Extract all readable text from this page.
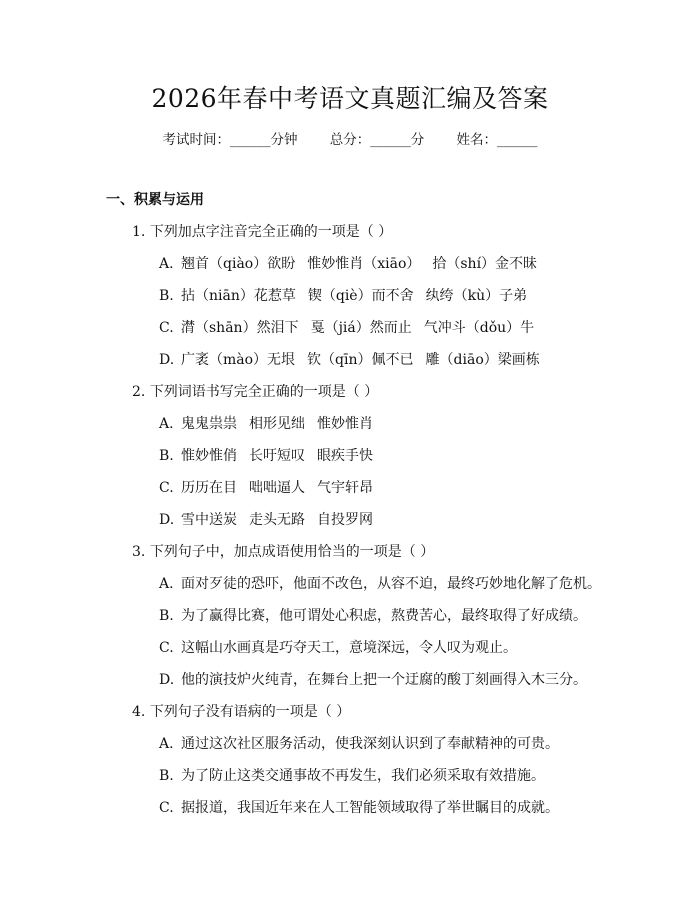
2026年春中考语文真题汇编及答案
考试时间：______分钟 总分：______分 姓名：______
一、积累与运用
1. 下列加点字注音完全正确的一项是（ ）
A. 翘首（qiào）欲盼 惟妙惟肖（xiāo） 拾（shí）金不昧
B. 拈（niān）花惹草 锲（qiè）而不舍 纨绔（kù）子弟
C. 潸（shān）然泪下 戛（jiá）然而止 气冲斗（dǒu）牛
D. 广袤（mào）无垠 钦（qīn）佩不已 雕（diāo）梁画栋
2. 下列词语书写完全正确的一项是（ ）
A. 鬼鬼祟祟 相形见绌 惟妙惟肖
B. 惟妙惟俏 长吁短叹 眼疾手快
C. 历历在目 咄咄逼人 气宇轩昂
D. 雪中送炭 走头无路 自投罗网
3. 下列句子中，加点成语使用恰当的一项是（ ）
A. 面对歹徒的恐吓，他面不改色，从容不迫，最终巧妙地化解了危机。
B. 为了赢得比赛，他可谓处心积虑，熬费苦心，最终取得了好成绩。
C. 这幅山水画真是巧夺天工，意境深远，令人叹为观止。
D. 他的演技炉火纯青，在舞台上把一个迂腐的酸丁刻画得入木三分。
4. 下列句子没有语病的一项是（ ）
A. 通过这次社区服务活动，使我深刻认识到了奉献精神的可贵。
B. 为了防止这类交通事故不再发生，我们必须采取有效措施。
C. 据报道，我国近年来在人工智能领域取得了举世瞩目的成就。
